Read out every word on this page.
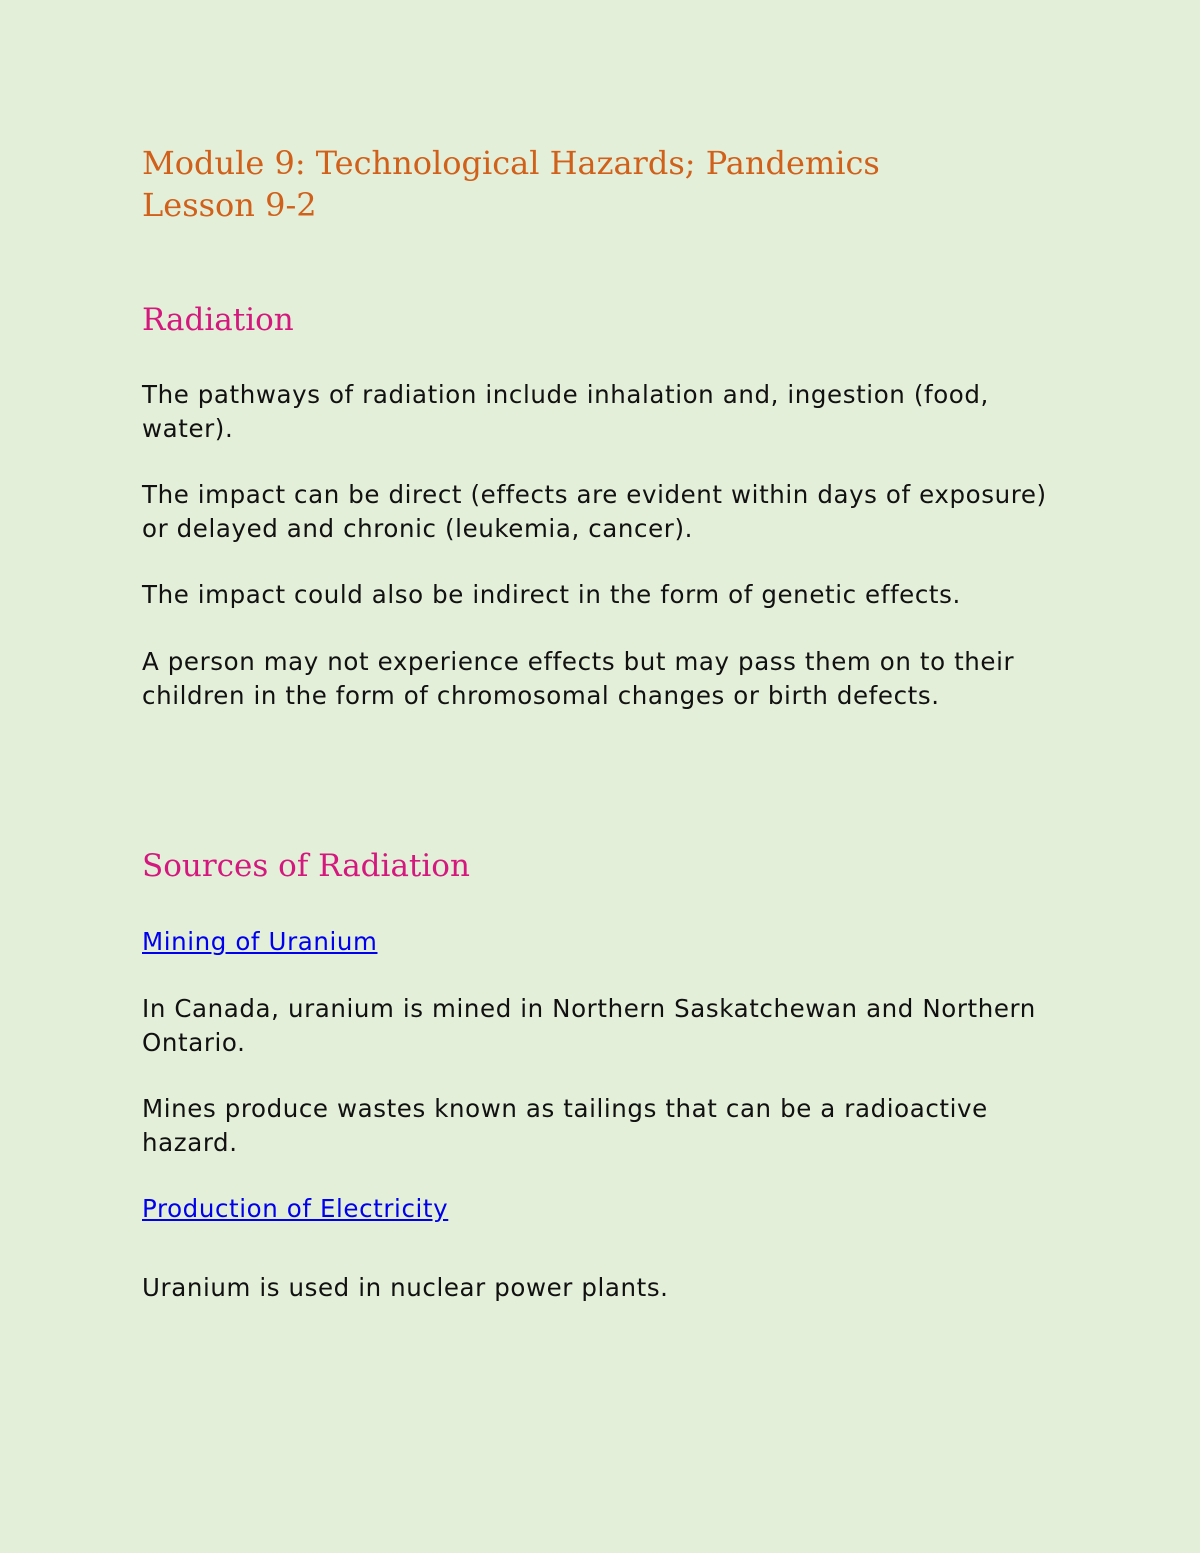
Module 9: Technological Hazards; Pandemics
Lesson 9-2
Radiation

The pathways of radiation include inhalation and, ingestion (food, water).

The impact can be direct (effects are evident within days of exposure) or delayed and chronic (leukemia, cancer).

The impact could also be indirect in the form of genetic effects.

A person may not experience effects but may pass them on to their children in the form of chromosomal changes or birth defects.

Sources of Radiation
Mining of Uranium

In Canada, uranium is mined in Northern Saskatchewan and Northern Ontario.

Mines produce wastes known as tailings that can be a radioactive hazard.

Production of Electricity

Uranium is used in nuclear power plants.
